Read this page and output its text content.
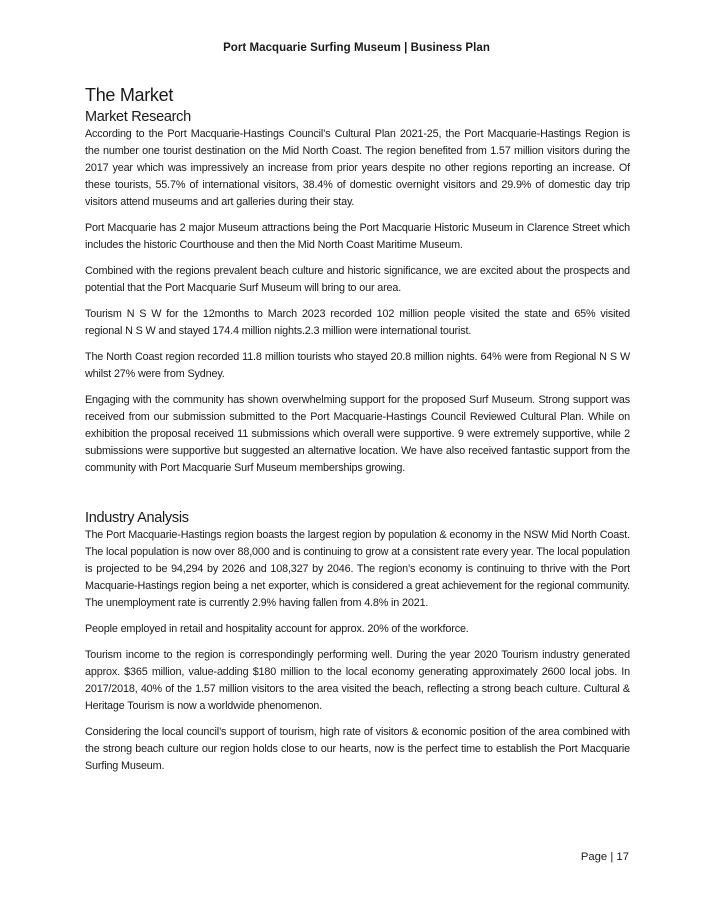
Port Macquarie Surfing Museum | Business Plan
The Market
Market Research

According to the Port Macquarie-Hastings Council’s Cultural Plan 2021-25, the Port Macquarie-Hastings Region is the number one tourist destination on the Mid North Coast. The region benefited from 1.57 million visitors during the 2017 year which was impressively an increase from prior years despite no other regions reporting an increase. Of these tourists, 55.7% of international visitors, 38.4% of domestic overnight visitors and 29.9% of domestic day trip visitors attend museums and art galleries during their stay.

Port Macquarie has 2 major Museum attractions being the Port Macquarie Historic Museum in Clarence Street which includes the historic Courthouse and then the Mid North Coast Maritime Museum.

Combined with the regions prevalent beach culture and historic significance, we are excited about the prospects and potential that the Port Macquarie Surf Museum will bring to our area.

Tourism N S W for the 12months to March 2023 recorded 102 million people visited the state and 65% visited regional N S W and stayed 174.4 million nights.2.3 million were international tourist.

The North Coast region recorded 11.8 million tourists who stayed 20.8 million nights. 64% were from Regional N S W whilst 27% were from Sydney.

Engaging with the community has shown overwhelming support for the proposed Surf Museum. Strong support was received from our submission submitted to the Port Macquarie-Hastings Council Reviewed Cultural Plan. While on exhibition the proposal received 11 submissions which overall were supportive. 9 were extremely supportive, while 2 submissions were supportive but suggested an alternative location. We have also received fantastic support from the community with Port Macquarie Surf Museum memberships growing.

Industry Analysis

The Port Macquarie-Hastings region boasts the largest region by population & economy in the NSW Mid North Coast. The local population is now over 88,000 and is continuing to grow at a consistent rate every year. The local population is projected to be 94,294 by 2026 and 108,327 by 2046. The region’s economy is continuing to thrive with the Port Macquarie-Hastings region being a net exporter, which is considered a great achievement for the regional community. The unemployment rate is currently 2.9% having fallen from 4.8% in 2021.

People employed in retail and hospitality account for approx. 20% of the workforce.

Tourism income to the region is correspondingly performing well. During the year 2020 Tourism industry generated approx. $365 million, value-adding $180 million to the local economy generating approximately 2600 local jobs. In 2017/2018, 40% of the 1.57 million visitors to the area visited the beach, reflecting a strong beach culture. Cultural & Heritage Tourism is now a worldwide phenomenon.

Considering the local council’s support of tourism, high rate of visitors & economic position of the area combined with the strong beach culture our region holds close to our hearts, now is the perfect time to establish the Port Macquarie Surfing Museum.

Page | 17
